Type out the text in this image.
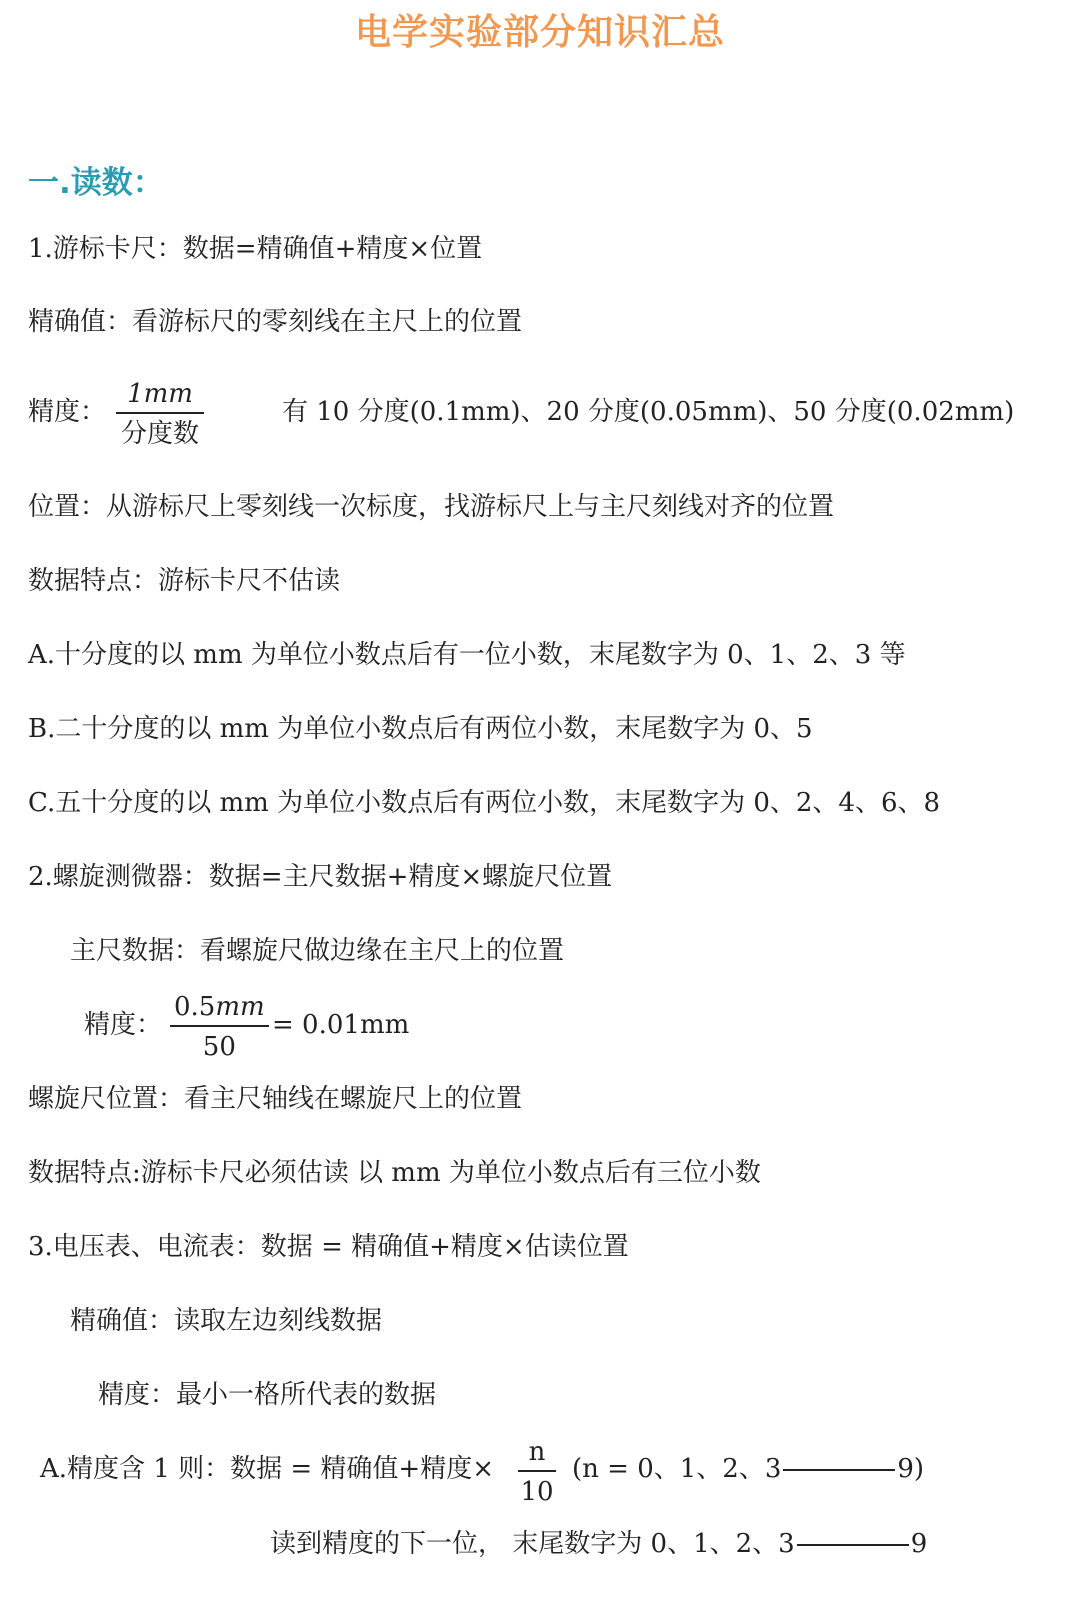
电学实验部分知识汇总
一.读数：
1.游标卡尺：数据=精确值+精度×位置
精确值：看游标尺的零刻线在主尺上的位置
精度：
1mm
分度数
有 10 分度(0.1mm)、20 分度(0.05mm)、50 分度(0.02mm)
位置：从游标尺上零刻线一次标度，找游标尺上与主尺刻线对齐的位置
数据特点：游标卡尺不估读
A.十分度的以 mm 为单位小数点后有一位小数，末尾数字为 0、1、2、3 等
B.二十分度的以 mm 为单位小数点后有两位小数，末尾数字为 0、5
C.五十分度的以 mm 为单位小数点后有两位小数，末尾数字为 0、2、4、6、8
2.螺旋测微器：数据=主尺数据+精度×螺旋尺位置
主尺数据：看螺旋尺做边缘在主尺上的位置
精度： $\frac{0.5mm}{50} = 0.01mm$
螺旋尺位置：看主尺轴线在螺旋尺上的位置
数据特点:游标卡尺必须估读 以 mm 为单位小数点后有三位小数
3.电压表、电流表：数据 = 精确值+精度×估读位置
精确值：读取左边刻线数据
精度：最小一格所代表的数据
A.精度含 1 则：数据 = 精确值+精度× $\frac{n}{10} (n = 0$、1、2、3	9)
读到精度的下一位， 末尾数字为 0、1、2、3	9
